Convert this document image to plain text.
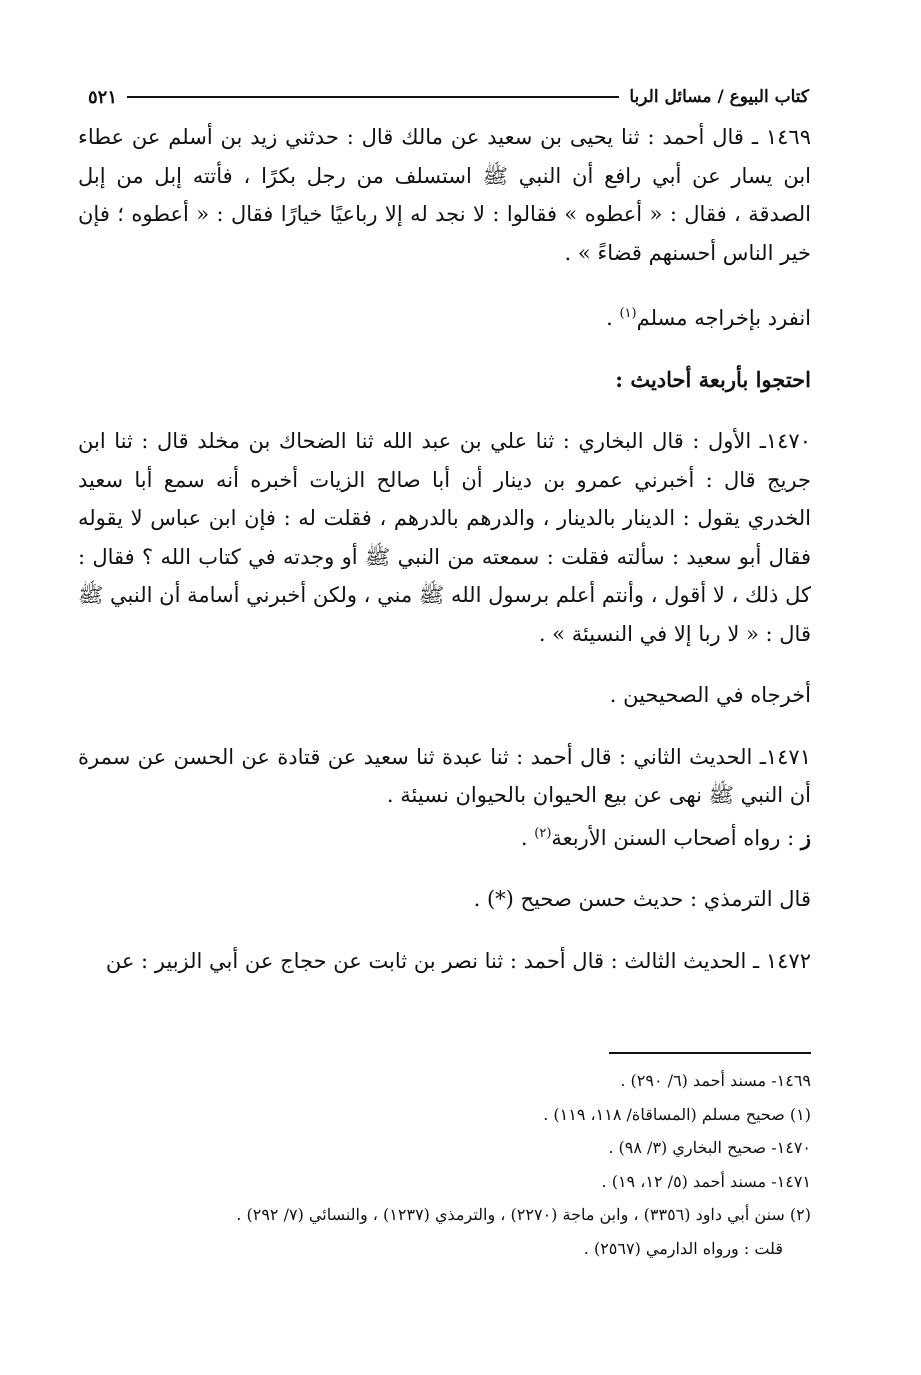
كتاب البيوع / مسائل الربا
٥٢١

١٤٦٩ ـ قال أحمد : ثنا يحيى بن سعيد عن مالك قال : حدثني زيد بن أسلم عن عطاء ابن يسار عن أبي رافع أن النبي ﷺ استسلف من رجل بكرًا ، فأتته إبل من إبل الصدقة ، فقال : « أعطوه » فقالوا : لا نجد له إلا رباعيًا خيارًا فقال : « أعطوه ؛ فإن خير الناس أحسنهم قضاءً » .

انفرد بإخراجه مسلم$^{(١)}$ .

احتجوا بأربعة أحاديث :

١٤٧٠ـ الأول : قال البخاري : ثنا علي بن عبد الله ثنا الضحاك بن مخلد قال : ثنا ابن جريج قال : أخبرني عمرو بن دينار أن أبا صالح الزيات أخبره أنه سمع أبا سعيد الخدري يقول : الدينار بالدينار ، والدرهم بالدرهم ، فقلت له : فإن ابن عباس لا يقوله فقال أبو سعيد : سألته فقلت : سمعته من النبي ﷺ أو وجدته في كتاب الله ؟ فقال : كل ذلك ، لا أقول ، وأنتم أعلم برسول الله ﷺ مني ، ولكن أخبرني أسامة أن النبي ﷺ قال : « لا ربا إلا في النسيئة » .

أخرجاه في الصحيحين .

١٤٧١ـ الحديث الثاني : قال أحمد : ثنا عبدة ثنا سعيد عن قتادة عن الحسن عن سمرة أن النبي ﷺ نهى عن بيع الحيوان بالحيوان نسيئة .

ز : رواه أصحاب السنن الأربعة$^{(٢)}$ .

قال الترمذي : حديث حسن صحيح (*) .

١٤٧٢ ـ الحديث الثالث : قال أحمد : ثنا نصر بن ثابت عن حجاج عن أبي الزبير : عن

١٤٦٩- مسند أحمد (٦/ ٢٩٠) .

(١) صحيح مسلم (المساقاة/ ١١٨، ١١٩) .

١٤٧٠- صحيح البخاري (٣/ ٩٨) .

١٤٧١- مسند أحمد (٥/ ١٢، ١٩) .

(٢) سنن أبي داود (٣٣٥٦) ، وابن ماجة (٢٢٧٠) ، والترمذي (١٢٣٧) ، والنسائي (٧/ ٢٩٢) .

قلت : ورواه الدارمي (٢٥٦٧) .
